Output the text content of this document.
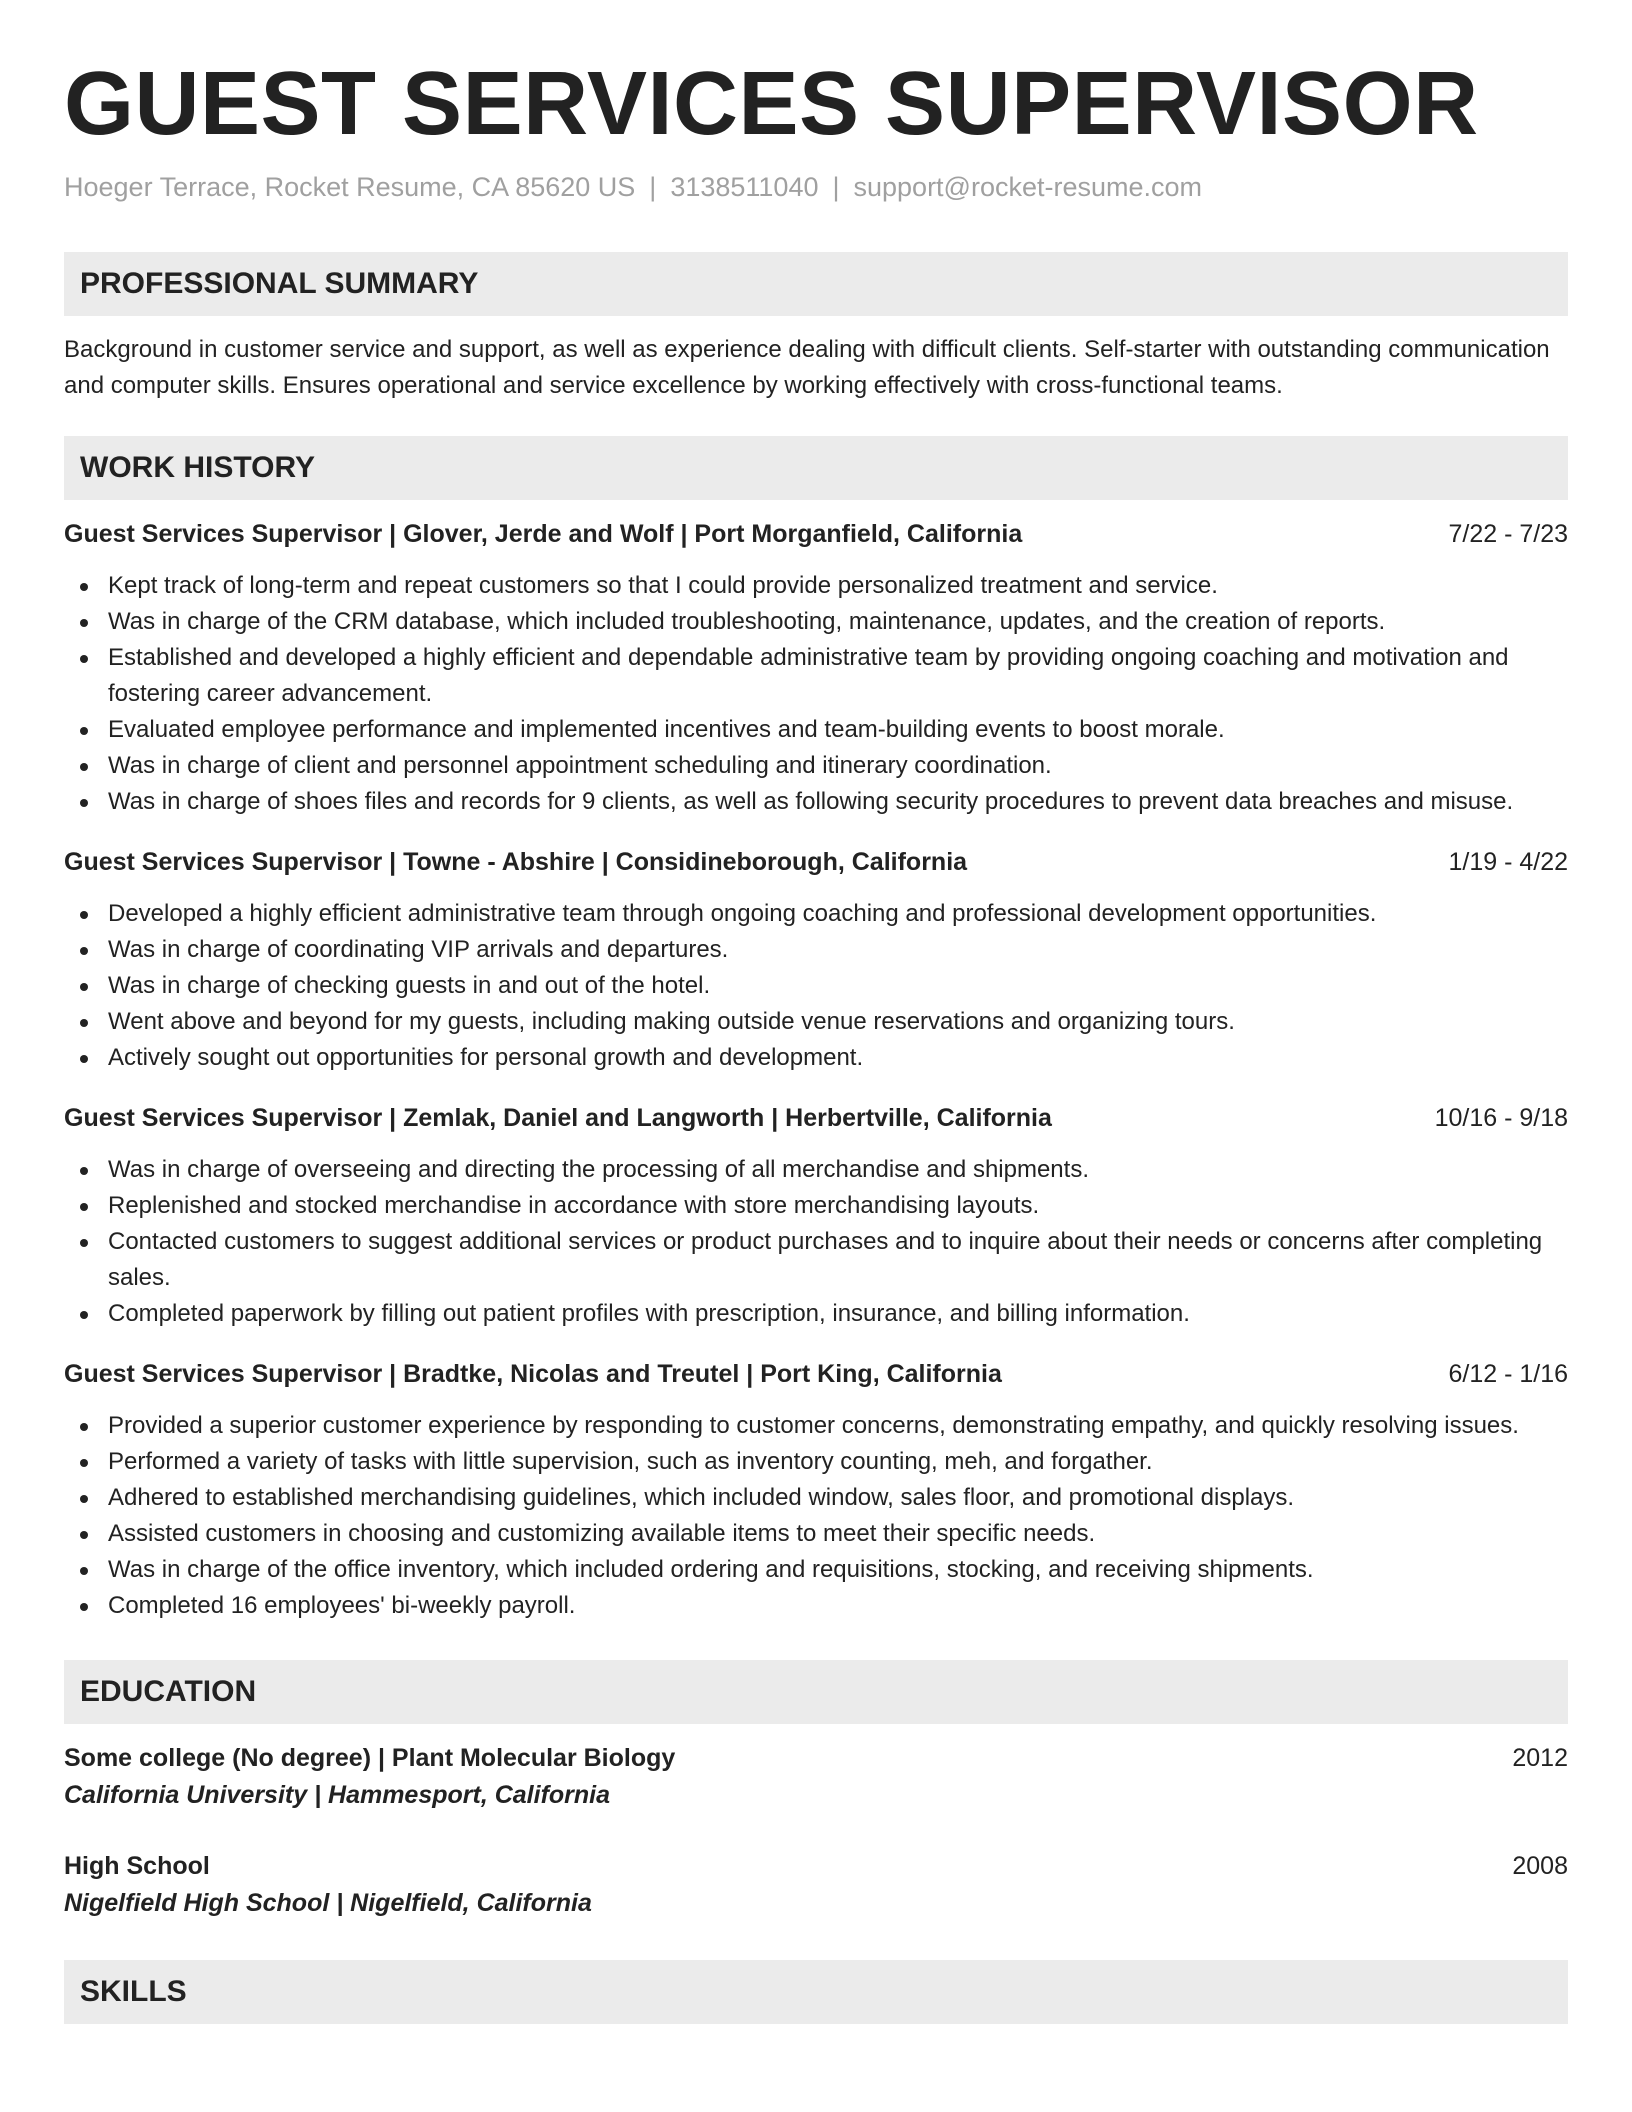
GUEST SERVICES SUPERVISOR
Hoeger Terrace, Rocket Resume, CA 85620 US | 3138511040 | support@rocket-resume.com
PROFESSIONAL SUMMARY

Background in customer service and support, as well as experience dealing with difficult clients. Self-starter with outstanding communication and computer skills. Ensures operational and service excellence by working effectively with cross-functional teams.

WORK HISTORY
Guest Services Supervisor | Glover, Jerde and Wolf | Port Morganfield, California	7/22 - 7/23
Kept track of long-term and repeat customers so that I could provide personalized treatment and service.
Was in charge of the CRM database, which included troubleshooting, maintenance, updates, and the creation of reports.
Established and developed a highly efficient and dependable administrative team by providing ongoing coaching and motivation and fostering career advancement.
Evaluated employee performance and implemented incentives and team-building events to boost morale.
Was in charge of client and personnel appointment scheduling and itinerary coordination.
Was in charge of shoes files and records for 9 clients, as well as following security procedures to prevent data breaches and misuse.
Guest Services Supervisor | Towne - Abshire | Considineborough, California	1/19 - 4/22
Developed a highly efficient administrative team through ongoing coaching and professional development opportunities.
Was in charge of coordinating VIP arrivals and departures.
Was in charge of checking guests in and out of the hotel.
Went above and beyond for my guests, including making outside venue reservations and organizing tours.
Actively sought out opportunities for personal growth and development.
Guest Services Supervisor | Zemlak, Daniel and Langworth | Herbertville, California	10/16 - 9/18
Was in charge of overseeing and directing the processing of all merchandise and shipments.
Replenished and stocked merchandise in accordance with store merchandising layouts.
Contacted customers to suggest additional services or product purchases and to inquire about their needs or concerns after completing sales.
Completed paperwork by filling out patient profiles with prescription, insurance, and billing information.
Guest Services Supervisor | Bradtke, Nicolas and Treutel | Port King, California	6/12 - 1/16
Provided a superior customer experience by responding to customer concerns, demonstrating empathy, and quickly resolving issues.
Performed a variety of tasks with little supervision, such as inventory counting, meh, and forgather.
Adhered to established merchandising guidelines, which included window, sales floor, and promotional displays.
Assisted customers in choosing and customizing available items to meet their specific needs.
Was in charge of the office inventory, which included ordering and requisitions, stocking, and receiving shipments.
Completed 16 employees' bi-weekly payroll.
EDUCATION
Some college (No degree) | Plant Molecular Biology	2012
California University | Hammesport, California
High School	2008
Nigelfield High School | Nigelfield, California
SKILLS
